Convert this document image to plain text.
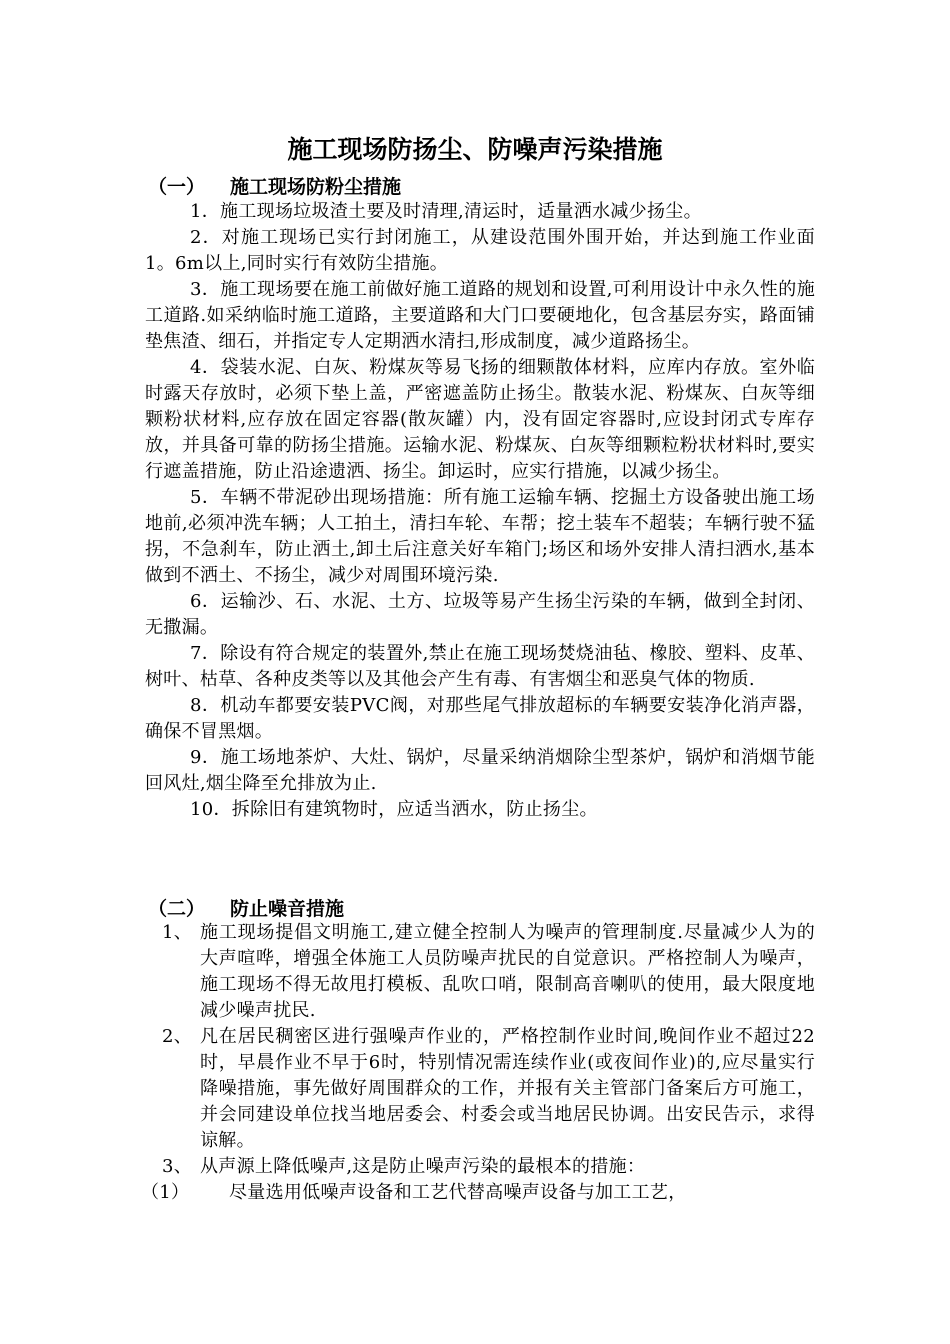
施工现场防扬尘、防噪声污染措施
（一） 施工现场防粉尘措施

1．施工现场垃圾渣土要及时清理,清运时，适量洒水减少扬尘。

2．对施工现场已实行封闭施工，从建设范围外围开始，并达到施工作业面1。6m以上,同时实行有效防尘措施。

3．施工现场要在施工前做好施工道路的规划和设置,可利用设计中永久性的施工道路.如采纳临时施工道路，主要道路和大门口要硬地化，包含基层夯实，路面铺垫焦渣、细石，并指定专人定期洒水清扫,形成制度，减少道路扬尘。

4．袋装水泥、白灰、粉煤灰等易飞扬的细颗散体材料，应库内存放。室外临时露天存放时，必须下垫上盖，严密遮盖防止扬尘。散装水泥、粉煤灰、白灰等细颗粉状材料,应存放在固定容器(散灰罐）内，没有固定容器时,应设封闭式专库存放，并具备可靠的防扬尘措施。运输水泥、粉煤灰、白灰等细颗粒粉状材料时,要实行遮盖措施，防止沿途遗洒、扬尘。卸运时，应实行措施，以减少扬尘。

5．车辆不带泥砂出现场措施：所有施工运输车辆、挖掘土方设备驶出施工场地前,必须冲洗车辆；人工拍土，清扫车轮、车帮；挖土装车不超装；车辆行驶不猛拐，不急刹车，防止洒土,卸土后注意关好车箱门;场区和场外安排人清扫洒水,基本做到不洒土、不扬尘，减少对周围环境污染.

6．运输沙、石、水泥、土方、垃圾等易产生扬尘污染的车辆，做到全封闭、无撒漏。

7．除设有符合规定的装置外,禁止在施工现场焚烧油毡、橡胶、塑料、皮革、树叶、枯草、各种皮类等以及其他会产生有毒、有害烟尘和恶臭气体的物质.

8．机动车都要安装PVC阀，对那些尾气排放超标的车辆要安装净化消声器，确保不冒黑烟。

9．施工场地茶炉、大灶、锅炉，尽量采纳消烟除尘型茶炉，锅炉和消烟节能回风灶,烟尘降至允排放为止.

10．拆除旧有建筑物时，应适当洒水，防止扬尘。

（二） 防止噪音措施
1、 施工现场提倡文明施工,建立健全控制人为噪声的管理制度.尽量减少人为的大声喧哗，增强全体施工人员防噪声扰民的自觉意识。严格控制人为噪声，施工现场不得无故甩打模板、乱吹口哨，限制高音喇叭的使用，最大限度地减少噪声扰民.
2、 凡在居民稠密区进行强噪声作业的，严格控制作业时间,晚间作业不超过22时，早晨作业不早于6时，特别情况需连续作业(或夜间作业)的,应尽量实行降噪措施，事先做好周围群众的工作，并报有关主管部门备案后方可施工，并会同建设单位找当地居委会、村委会或当地居民协调。出安民告示，求得谅解。
3、 从声源上降低噪声,这是防止噪声污染的最根本的措施：
（1） 尽量选用低噪声设备和工艺代替高噪声设备与加工工艺，
